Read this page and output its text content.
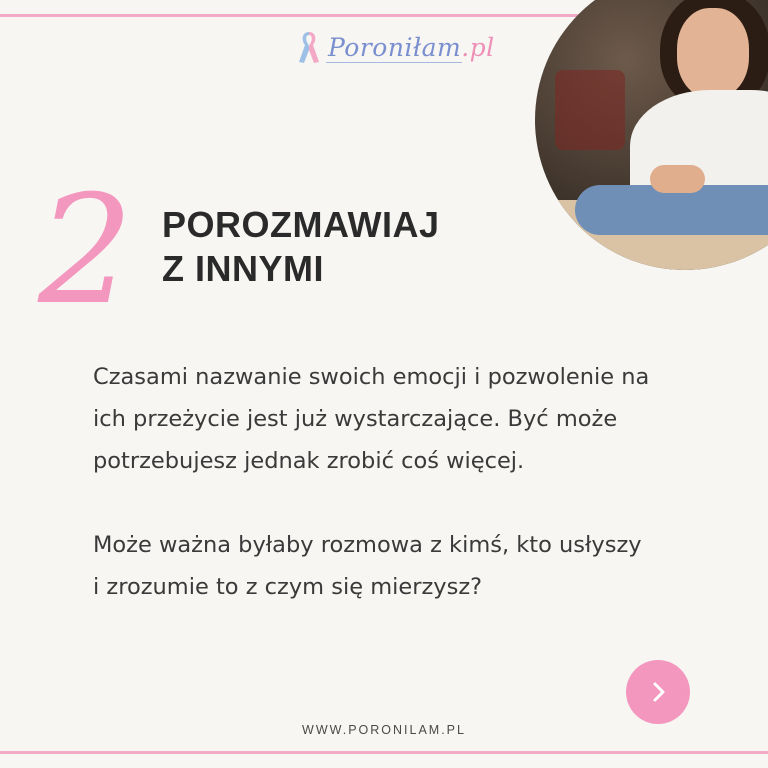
Poroniłam.pl
2 POROZMAWIAJ
Z INNYMI

Czasami nazwanie swoich emocji i pozwolenie na

ich przeżycie jest już wystarczające. Być może

potrzebujesz jednak zrobić coś więcej.

Może ważna byłaby rozmowa z kimś, kto usłyszy

i zrozumie to z czym się mierzysz?

WWW.PORONILAM.PL
